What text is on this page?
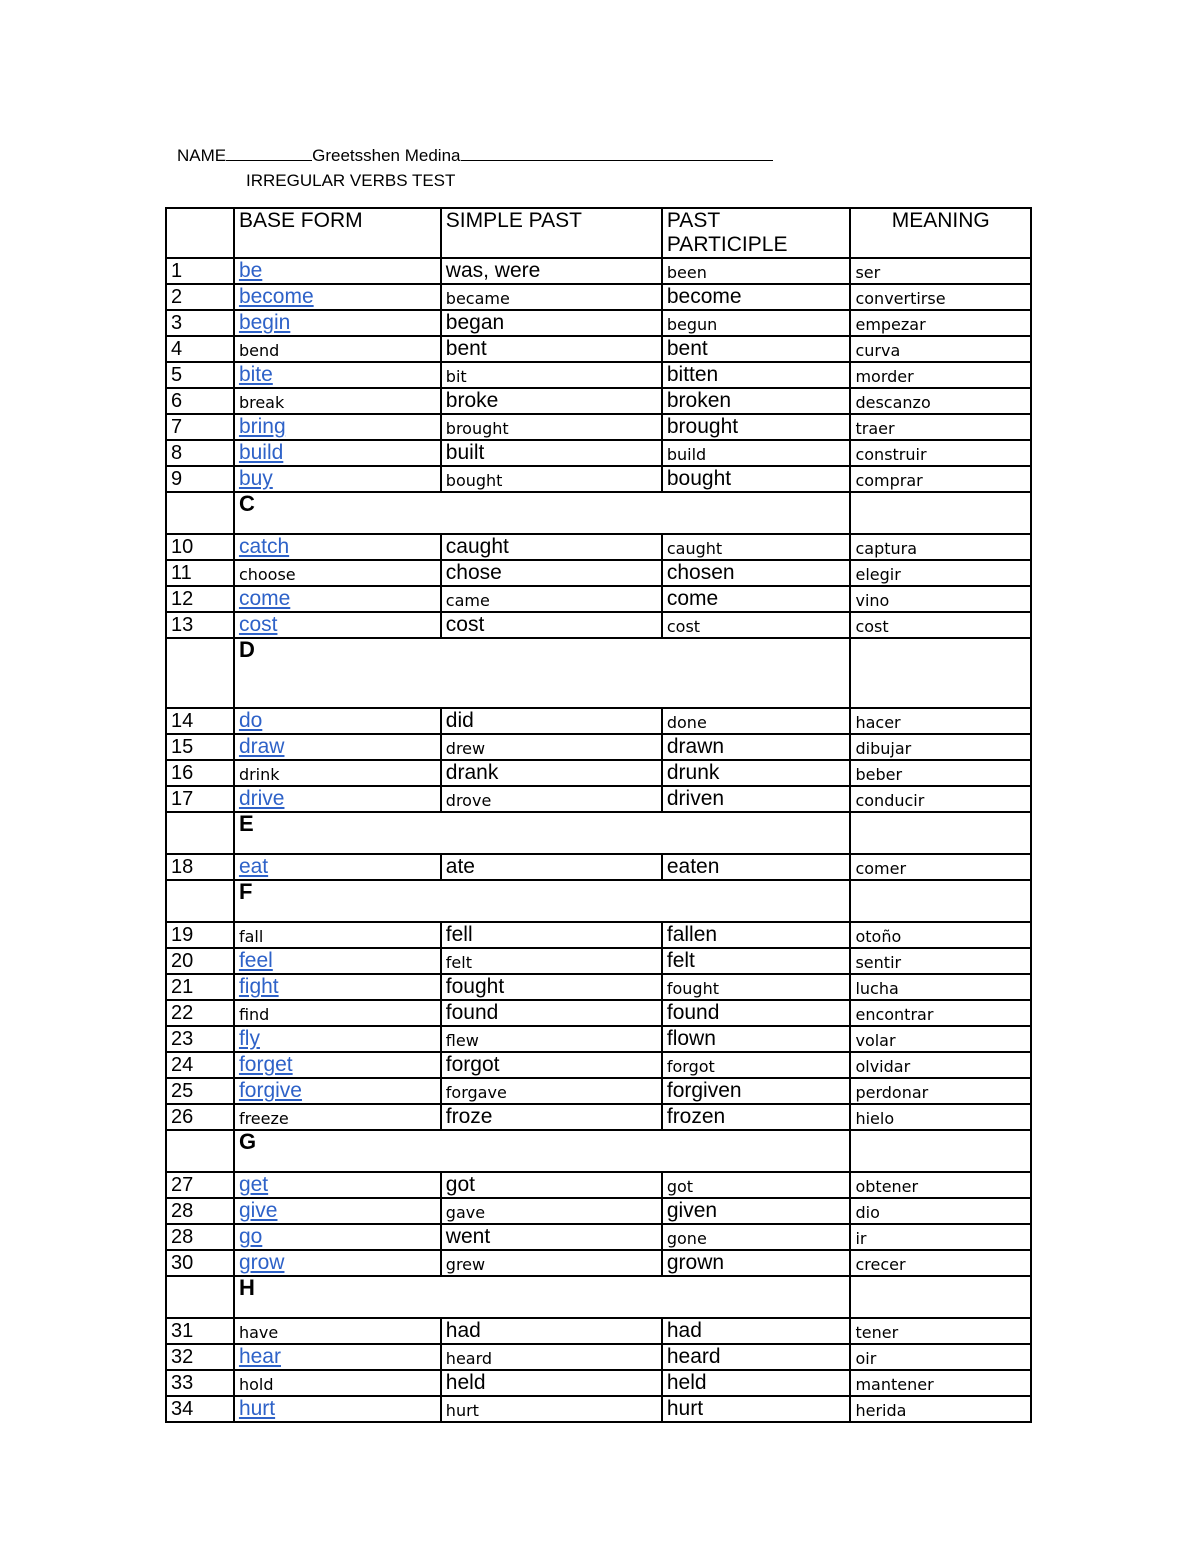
NAME	Greetsshen Medina
IRREGULAR VERBS TEST
	BASE FORM	SIMPLE PAST	PAST PARTICIPLE	MEANING
1	be	was, were	been	ser
2	become	became	become	convertirse
3	begin	began	begun	empezar
4	bend	bent	bent	curva
5	bite	bit	bitten	morder
6	break	broke	broken	descanzo
7	bring	brought	brought	traer
8	build	built	build	construir
9	buy	bought	bought	comprar
	C			
10	catch	caught	caught	captura
11	choose	chose	chosen	elegir
12	come	came	come	vino
13	cost	cost	cost	cost
	D			
14	do	did	done	hacer
15	draw	drew	drawn	dibujar
16	drink	drank	drunk	beber
17	drive	drove	driven	conducir
	E			
18	eat	ate	eaten	comer
	F			
19	fall	fell	fallen	otoño
20	feel	felt	felt	sentir
21	fight	fought	fought	lucha
22	find	found	found	encontrar
23	fly	flew	flown	volar
24	forget	forgot	forgot	olvidar
25	forgive	forgave	forgiven	perdonar
26	freeze	froze	frozen	hielo
	G			
27	get	got	got	obtener
28	give	gave	given	dio
28	go	went	gone	ir
30	grow	grew	grown	crecer
	H			
31	have	had	had	tener
32	hear	heard	heard	oir
33	hold	held	held	mantener
34	hurt	hurt	hurt	herida
